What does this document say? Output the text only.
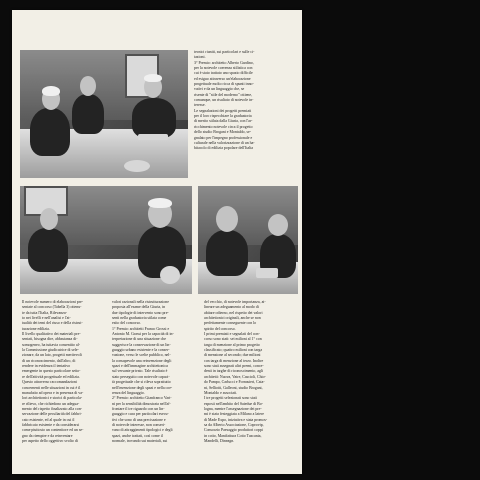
tecnici riuniti, sui particolari e sulle ci-
tazioni.
3° Premio: architetto Alberto Gardino,
per la notevole coerenza stilistica con
cui è stato trattato uno spazio difficile
ed esiguo attraverso un'elaborazione
progettuale molto ricca di spunti inno-
vativi e da un linguaggio che, se
risente di "stile del moderno" ottiene,
comunque, un risultato di notevole in-
teresse.
Le segnalazioni dei progetti premiati
per il loro rispecchiare la graduatoria
di merito stilata dalla Giuria, con l'ar-
ricchimento notevole circa il progetto
dello studio Brogani e Montaldo, se-
gnalato per l'impegno professionale e
culturale nella valorizzazione di un ha-
bitacolo di edilizia popolare dell'Italia
Il notevole numero di elaborazioni pre-
sentate al concorso (Tabella 3) ottenu-
te da tutta l'Italia, Rilevanza-
to nei livelli e nell'analisi e l'at-
tualità dei temi del riuso e della ristrut-
turazione edilizia.
Il livello qualitativo dei materiali pre-
sentati, bisogna dire, abbastanza di-
somogeneo, ha tuttavia consentito al-
la Commissione giudicatrice di sele-
zionare, da un lato, progetti meritevoli
di un riconoscimento, dall'altro, di
rendere in evidenza il tentativo
emergente in questo particolare setto-
re dell'attività progettuale ed edilizia.
Questo attraverso raccomandazioni
concernenti nelle situazioni in cui è il
manufatto ad opera e in presenza di va-
lori architettonici e storici di particola-
re rilievo, che richiedono un adegua-
mento del rispetto finalizzato alla con-
servazione delle peculiarità del fabbri-
cato esistente, ed al quale in cui il
fabbricato esistente e da considerarsi
come piuttosto un contenitore ed un se-
gno da riempire e da reinventare
per aspetto dello oggettivo svolto di
valori razionali nella ristrutturazione
proposta all'esame della Giuria, in
due tipologie di intervento sono pre-
senti nella graduatoria stilata come
esito del concorso.
1° Premio: architetti Franco Grossi e
Antonio M. Grassi per la capacità di in-
terpretazione di una situazione che
suggerisce la conservazione di un lin-
guaggio urbano esistente e la conser-
vazione, verso le scelte pubblico, nel-
la consapevole una reinvenzione degli
spazi e dell'immagine architettonica
sul versante privato. Tale risultato è
stato perseguito con notevole capaci-
tà progettuale che si rileva soprattutto
nell'invenzione degli spazi e nella coe-
renza del linguaggio.
2° Premio: architetto Gianfranco Vari-
ni per la sensibilità dimostrata nell'af-
frontare il tre riguardo con un lin-
guaggio e cura per particolari esecu-
tivi che sono di una precisazione e
di notevole interesse, non conseri-
vano di attraggimenti tipologici e degli
spazi, anche trattati, così come il
normale, trovando sui materiali, sui
del vecchio, di notevole importanza, ai-
lineare un adeguamento al modo di
abitare odierno, nel rispetto dei valori
architettonici originali, anche se non
perfettamente conseguente con lo
spirito del concorso.
I primi premiati e segnalati del con-
corso sono stati: sei milioni al 1° con
targa di menzione al primo progetto
classificato; quattro milioni con targa
di menzione al secondo; due milioni
con targa di menzione al terzo. Inoltre
sono stati assegnati altri premi, conce-
denti in targhe di riconoscimento, agli
architetti: Nuova, Vaire, Cascioli, Chio-
do Pampo, Carlucci e Fornasieri, Cata-
ni, Selliotti, Galleoni, studio Brogani,
Montaldo e associati.
I tre progetti selezionati sono stati
esposti nell'ambito del Saiedue di Bo-
logna, mentre l'assegnazione dei pre-
mi è stata festeggiata a Milano a latere
di Made Expo, iniziativa e stata promos-
sa da Alberto Associazione, Coprovip,
Consorzio Paesaggio produttori coppi
in cotto, Manifattura Cotto Tuscania,
Mandelli, Dineagn.
